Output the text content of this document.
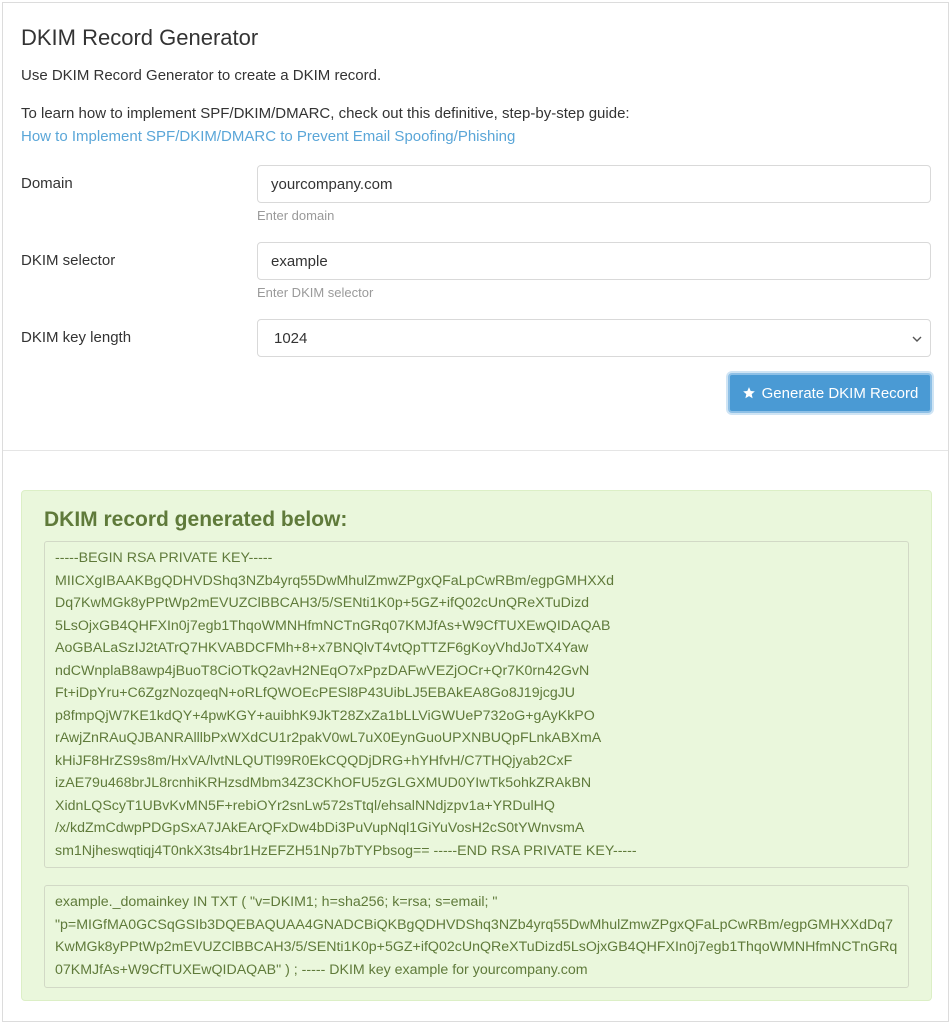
DKIM Record Generator
Use DKIM Record Generator to create a DKIM record.
To learn how to implement SPF/DKIM/DMARC, check out this definitive, step-by-step guide:
How to Implement SPF/DKIM/DMARC to Prevent Email Spoofing/Phishing
Domain	yourcompany.com
Enter domain
DKIM selector	example
Enter DKIM selector
DKIM key length	1024
Generate DKIM Record
DKIM record generated below:
-----BEGIN RSA PRIVATE KEY-----
MIICXgIBAAKBgQDHVDShq3NZb4yrq55DwMhulZmwZPgxQFaLpCwRBm/egpGMHXXd
Dq7KwMGk8yPPtWp2mEVUZClBBCAH3/5/SENti1K0p+5GZ+ifQ02cUnQReXTuDizd
5LsOjxGB4QHFXIn0j7egb1ThqoWMNHfmNCTnGRq07KMJfAs+W9CfTUXEwQIDAQAB
AoGBALaSzIJ2tATrQ7HKVABDCFMh+8+x7BNQlvT4vtQpTTZF6gKoyVhdJoTX4Yaw
ndCWnplaB8awp4jBuoT8CiOTkQ2avH2NEqO7xPpzDAFwVEZjOCr+Qr7K0rn42GvN
Ft+iDpYru+C6ZgzNozqeqN+oRLfQWOEcPESl8P43UibLJ5EBAkEA8Go8J19jcgJU
p8fmpQjW7KE1kdQY+4pwKGY+auibhK9JkT28ZxZa1bLLViGWUeP732oG+gAyKkPO
rAwjZnRAuQJBANRAlllbPxWXdCU1r2pakV0wL7uX0EynGuoUPXNBUQpFLnkABXmA
kHiJF8HrZS9s8m/HxVA/lvtNLQUTl99R0EkCQQDjDRG+hYHfvH/C7THQjyab2CxF
izAE79u468brJL8rcnhiKRHzsdMbm34Z3CKhOFU5zGLGXMUD0YIwTk5ohkZRAkBN
XidnLQScyT1UBvKvMN5F+rebiOYr2snLw572sTtql/ehsalNNdjzpv1a+YRDulHQ
/x/kdZmCdwpPDGpSxA7JAkEArQFxDw4bDi3PuVupNql1GiYuVosH2cS0tYWnvsmA
sm1Njheswqtiqj4T0nkX3ts4br1HzEFZH51Np7bTYPbsog== -----END RSA PRIVATE KEY-----
example._domainkey IN TXT ( "v=DKIM1; h=sha256; k=rsa; s=email; "
"p=MIGfMA0GCSqGSIb3DQEBAQUAA4GNADCBiQKBgQDHVDShq3NZb4yrq55DwMhulZmwZPgxQFaLpCwRBm/egpGMHXXdDq7KwMGk8yPPtWp2mEVUZClBBCAH3/5/SENti1K0p+5GZ+ifQ02cUnQReXTuDizd5LsOjxGB4QHFXIn0j7egb1ThqoWMNHfmNCTnGRq07KMJfAs+W9CfTUXEwQIDAQAB" ) ; ----- DKIM key example for yourcompany.com
